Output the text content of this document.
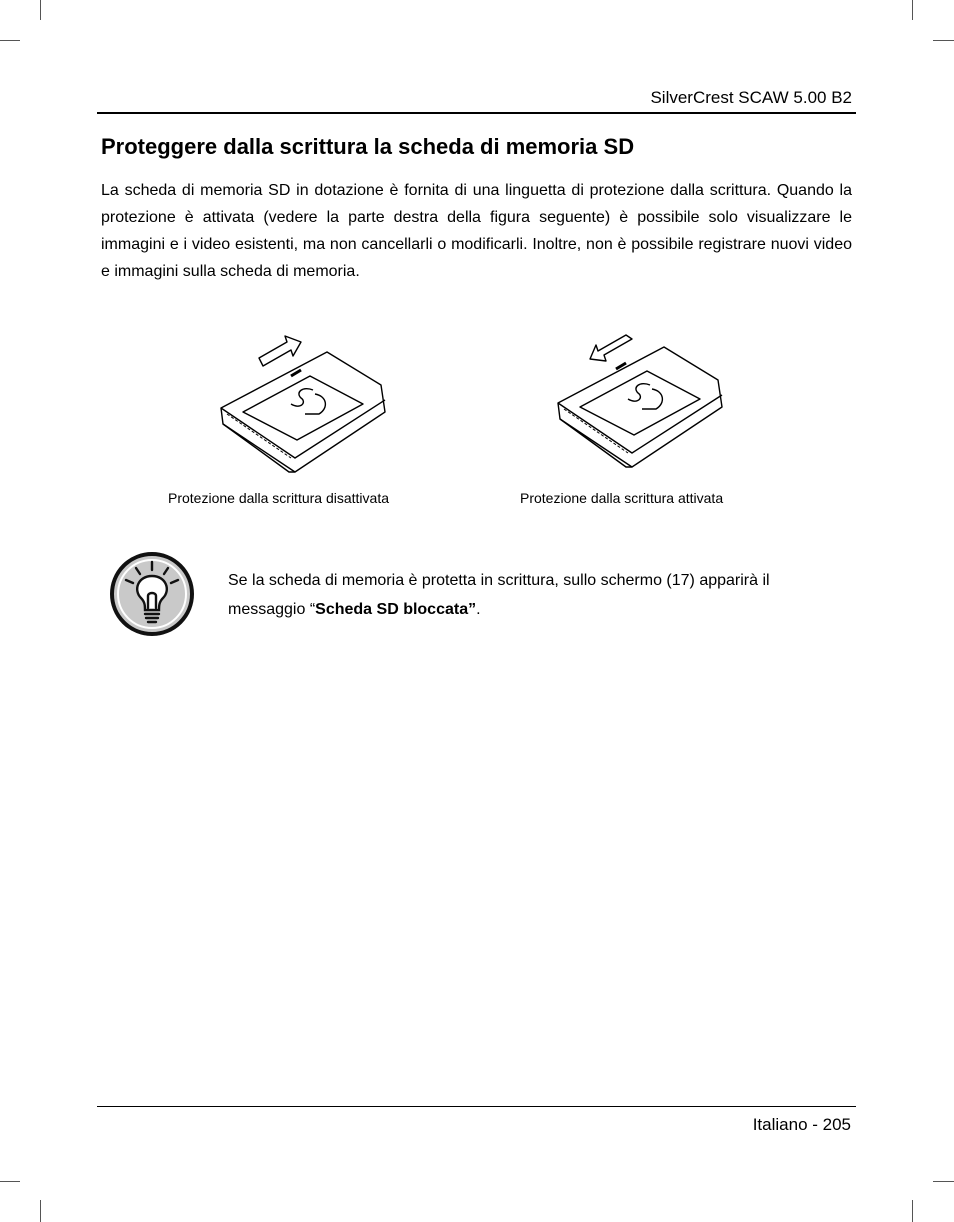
SilverCrest SCAW 5.00 B2
Proteggere dalla scrittura la scheda di memoria SD

La scheda di memoria SD in dotazione è fornita di una linguetta di protezione dalla scrittura. Quando la protezione è attivata (vedere la parte destra della figura seguente) è possibile solo visualizzare le immagini e i video esistenti, ma non cancellarli o modificarli. Inoltre, non è possibile registrare nuovi video e immagini sulla scheda di memoria.

Protezione dalla scrittura disattivata	Protezione dalla scrittura attivata

Se la scheda di memoria è protetta in scrittura, sullo schermo (17) apparirà il messaggio “Scheda SD bloccata”.

Italiano - 205
